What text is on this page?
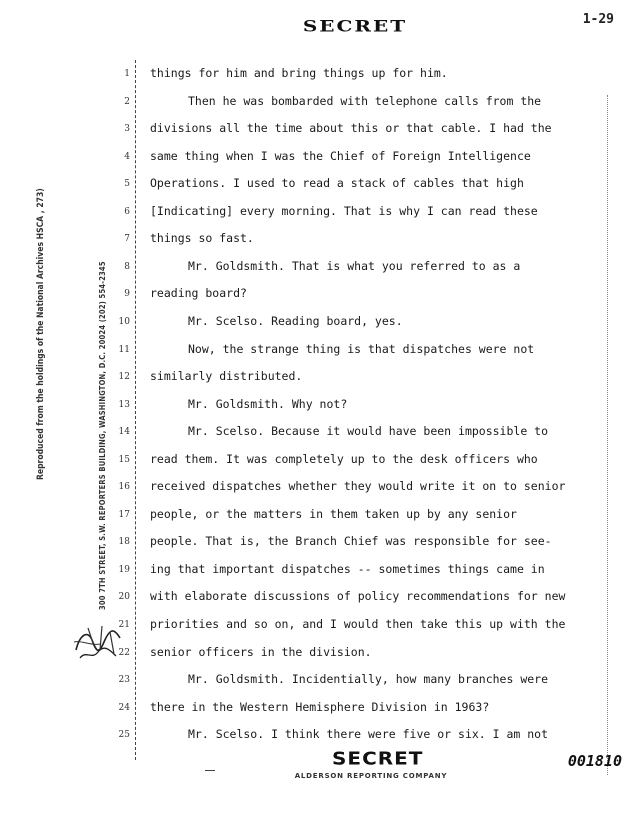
SECRET	1-29
Reproduced from the holdings of the National Archives HSCA , 273)	300 7TH STREET, S.W. REPORTERS BUILDING, WASHINGTON, D.C. 20024 (202) 554-2345
1 things for him and bring things up for him.
2	Then he was bombarded with telephone calls from the
3 divisions all the time about this or that cable. I had the
4 same thing when I was the Chief of Foreign Intelligence
5 Operations. I used to read a stack of cables that high
6 [Indicating] every morning. That is why I can read these
7 things so fast.
8	Mr. Goldsmith. That is what you referred to as a
9 reading board?
10	Mr. Scelso. Reading board, yes.
11	Now, the strange thing is that dispatches were not
12 similarly distributed.
13	Mr. Goldsmith. Why not?
14	Mr. Scelso. Because it would have been impossible to
15 read them. It was completely up to the desk officers who
16 received dispatches whether they would write it on to senior
17 people, or the matters in them taken up by any senior
18 people. That is, the Branch Chief was responsible for see-
19 ing that important dispatches -- sometimes things came in
20 with elaborate discussions of policy recommendations for new
21 priorities and so on, and I would then take this up with the
22 senior officers in the division.
23	Mr. Goldsmith. Incidentially, how many branches were
24 there in the Western Hemisphere Division in 1963?
25	Mr. Scelso. I think there were five or six. I am not
SECRET
ALDERSON REPORTING COMPANY
001810
